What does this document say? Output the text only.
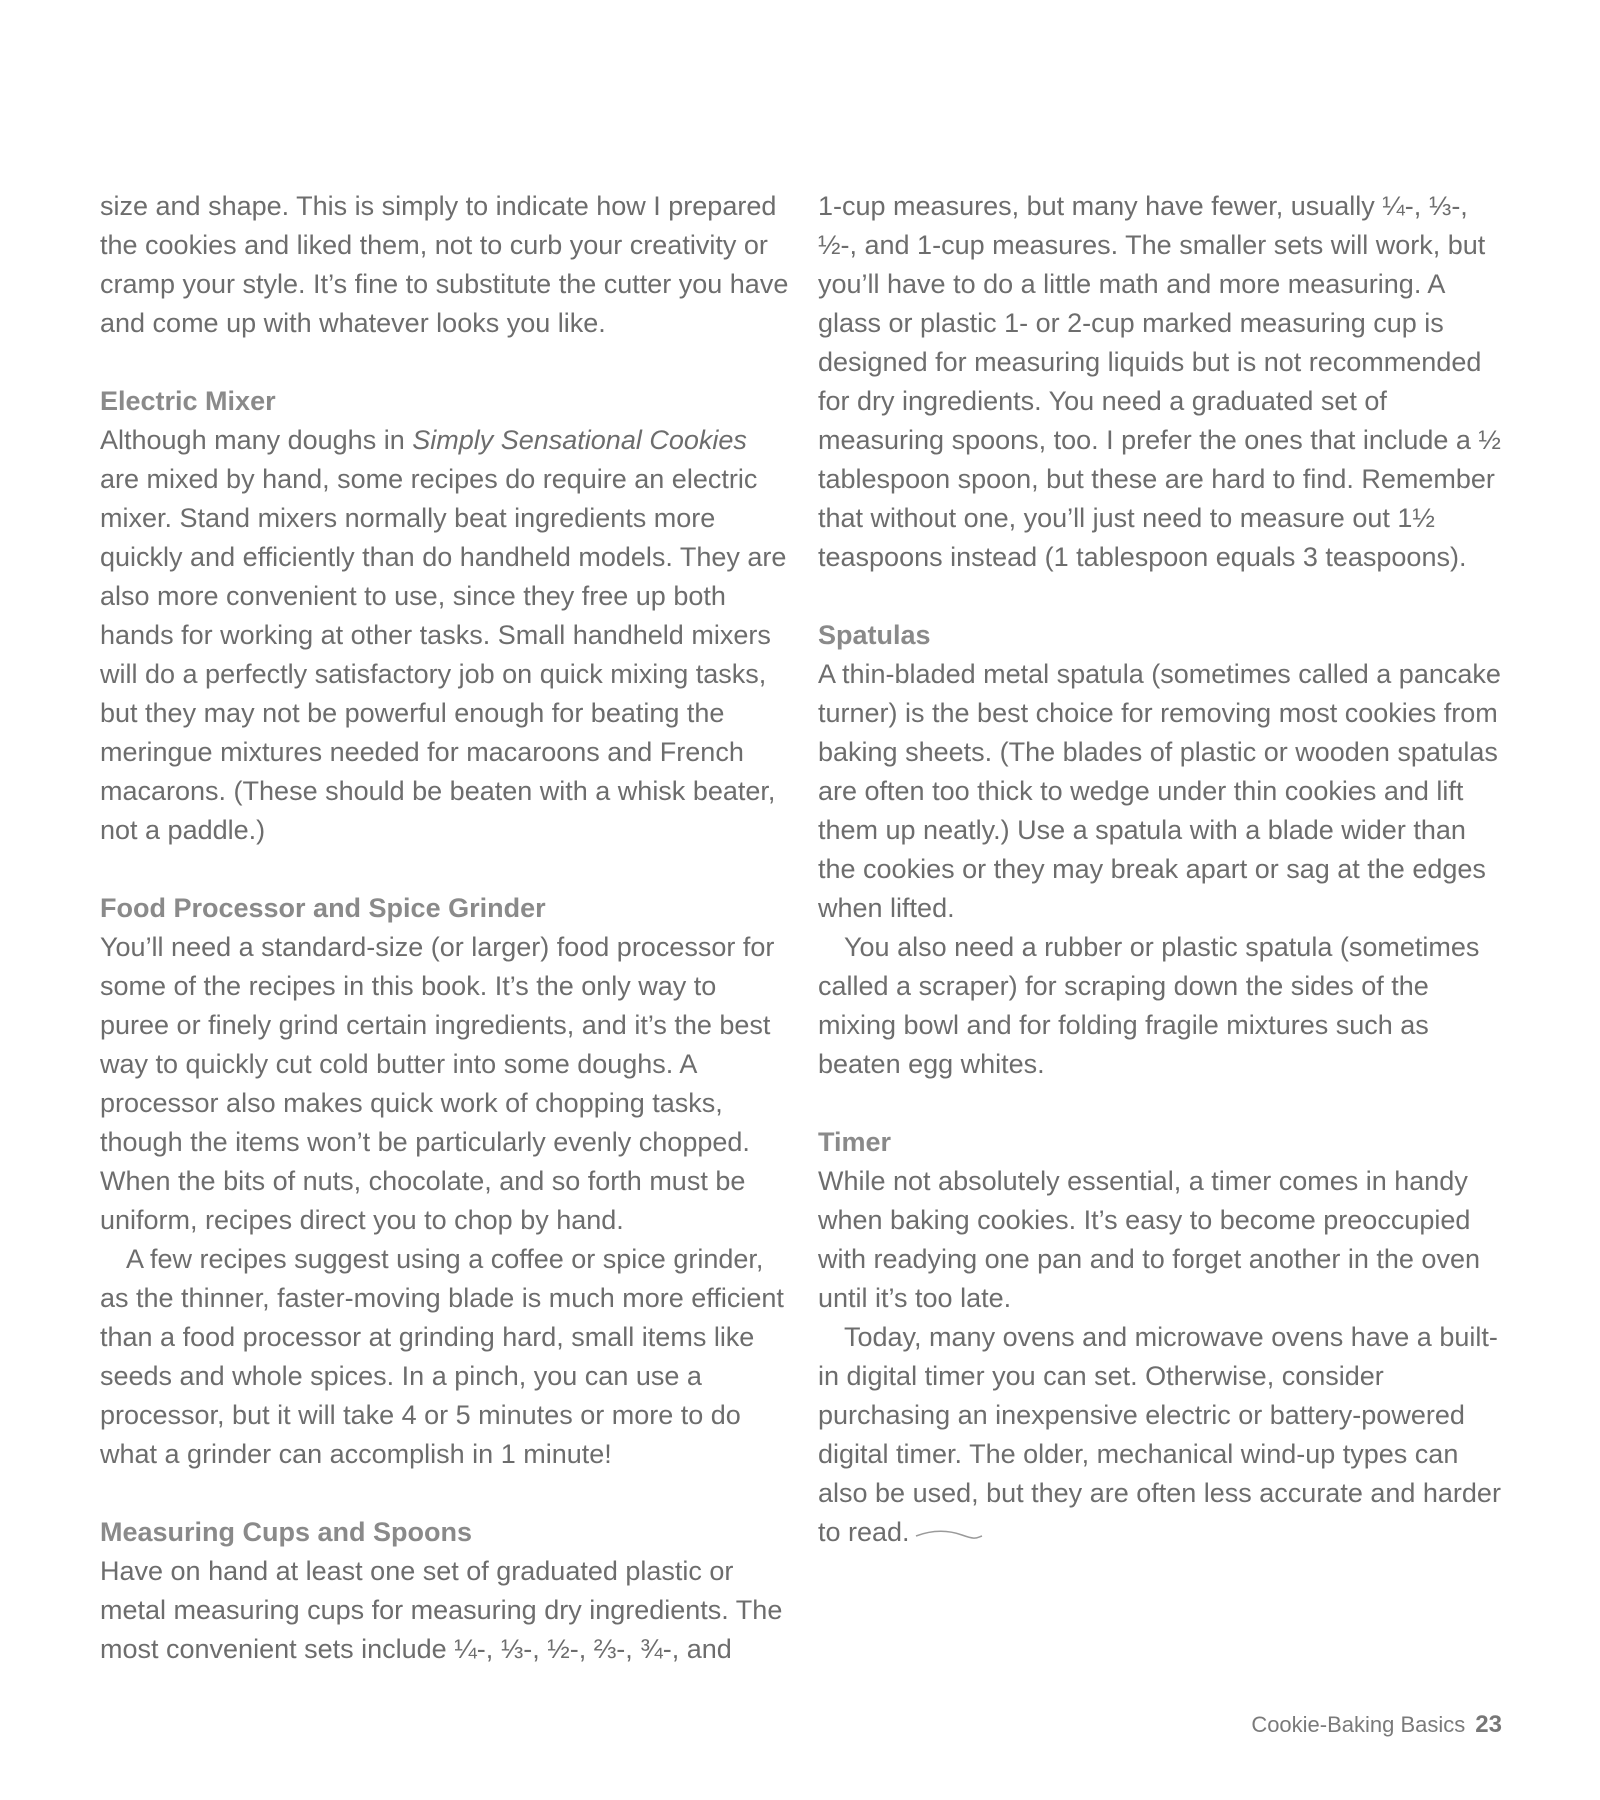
size and shape. This is simply to indicate how I prepared the cookies and liked them, not to curb your creativity or cramp your style. It’s fine to substitute the cutter you have and come up with whatever looks you like.

Electric Mixer

Although many doughs in Simply Sensational Cookies are mixed by hand, some recipes do require an electric mixer. Stand mixers normally beat ingredients more quickly and efficiently than do handheld models. They are also more convenient to use, since they free up both hands for working at other tasks. Small handheld mixers will do a perfectly satisfactory job on quick mixing tasks, but they may not be powerful enough for beating the meringue mixtures needed for macaroons and French macarons. (These should be beaten with a whisk beater, not a paddle.)

Food Processor and Spice Grinder

You’ll need a standard-size (or larger) food processor for some of the recipes in this book. It’s the only way to puree or finely grind certain ingredients, and it’s the best way to quickly cut cold butter into some doughs. A processor also makes quick work of chopping tasks, though the items won’t be particularly evenly chopped. When the bits of nuts, chocolate, and so forth must be uniform, recipes direct you to chop by hand.

A few recipes suggest using a coffee or spice grinder, as the thinner, faster-moving blade is much more efficient than a food processor at grinding hard, small items like seeds and whole spices. In a pinch, you can use a processor, but it will take 4 or 5 minutes or more to do what a grinder can accomplish in 1 minute!

Measuring Cups and Spoons

Have on hand at least one set of graduated plastic or metal measuring cups for measuring dry ingredients. The most convenient sets include ¼-, ⅓-, ½-, ⅔-, ¾-, and

1-cup measures, but many have fewer, usually ¼-, ⅓-, ½-, and 1-cup measures. The smaller sets will work, but you’ll have to do a little math and more measuring. A glass or plastic 1- or 2-cup marked measuring cup is designed for measuring liquids but is not recommended for dry ingredients. You need a graduated set of measuring spoons, too. I prefer the ones that include a ½ tablespoon spoon, but these are hard to find. Remember that without one, you’ll just need to measure out 1½ teaspoons instead (1 tablespoon equals 3 teaspoons).

Spatulas

A thin-bladed metal spatula (sometimes called a pancake turner) is the best choice for removing most cookies from baking sheets. (The blades of plastic or wooden spatulas are often too thick to wedge under thin cookies and lift them up neatly.) Use a spatula with a blade wider than the cookies or they may break apart or sag at the edges when lifted.

You also need a rubber or plastic spatula (sometimes called a scraper) for scraping down the sides of the mixing bowl and for folding fragile mixtures such as beaten egg whites.

Timer

While not absolutely essential, a timer comes in handy when baking cookies. It’s easy to become preoccupied with readying one pan and to forget another in the oven until it’s too late.

Today, many ovens and microwave ovens have a built-in digital timer you can set. Otherwise, consider purchasing an inexpensive electric or battery-powered digital timer. The older, mechanical wind-up types can also be used, but they are often less accurate and harder to read.

Cookie-Baking Basics 23
